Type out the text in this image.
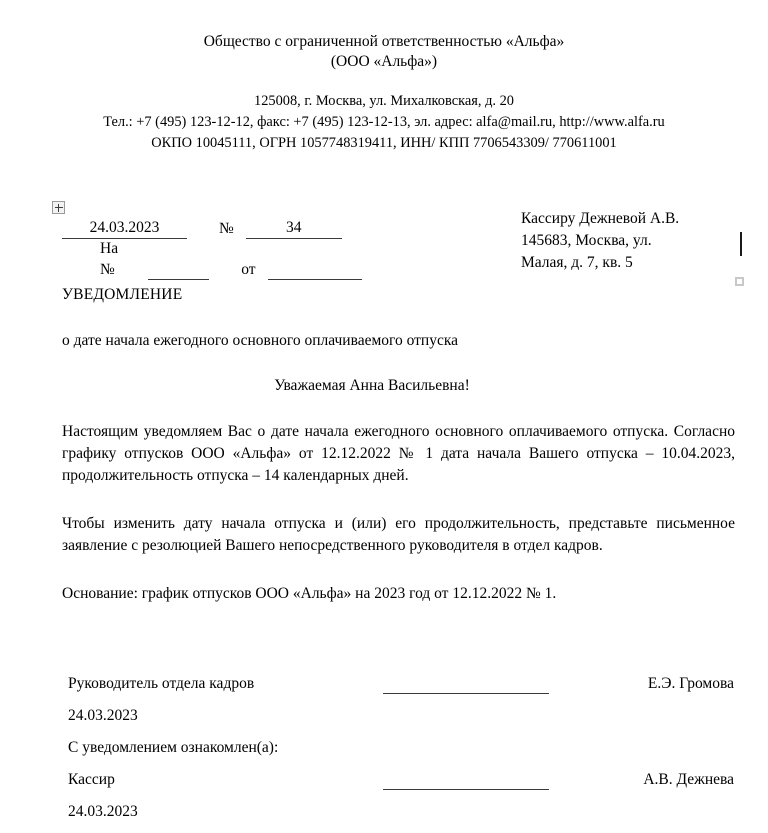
Общество с ограниченной ответственностью «Альфа»
(ООО «Альфа»)
125008, г. Москва, ул. Михалковская, д. 20
Тел.: +7 (495) 123-12-12, факс: +7 (495) 123-12-13, эл. адрес: alfa@mail.ru, http://www.alfa.ru
ОКПО 10045111, ОГРН 1057748319411, ИНН/ КПП 7706543309/ 770611001
24.03.2023	№	34
На №	от
Кассиру Дежневой А.В.
145683, Москва, ул.
Малая, д. 7, кв. 5
УВЕДОМЛЕНИЕ
о дате начала ежегодного основного оплачиваемого отпуска
Уважаемая Анна Васильевна!
Настоящим уведомляем Вас о дате начала ежегодного основного оплачиваемого отпуска. Согласно графику отпусков ООО «Альфа» от 12.12.2022 № 1 дата начала Вашего отпуска – 10.04.2023, продолжительность отпуска – 14 календарных дней.
Чтобы изменить дату начала отпуска и (или) его продолжительность, представьте письменное заявление с резолюцией Вашего непосредственного руководителя в отдел кадров.
Основание: график отпусков ООО «Альфа» на 2023 год от 12.12.2022 № 1.
Руководитель отдела кадров	Е.Э. Громова
24.03.2023
С уведомлением ознакомлен(а):
Кассир	А.В. Дежнева
24.03.2023
